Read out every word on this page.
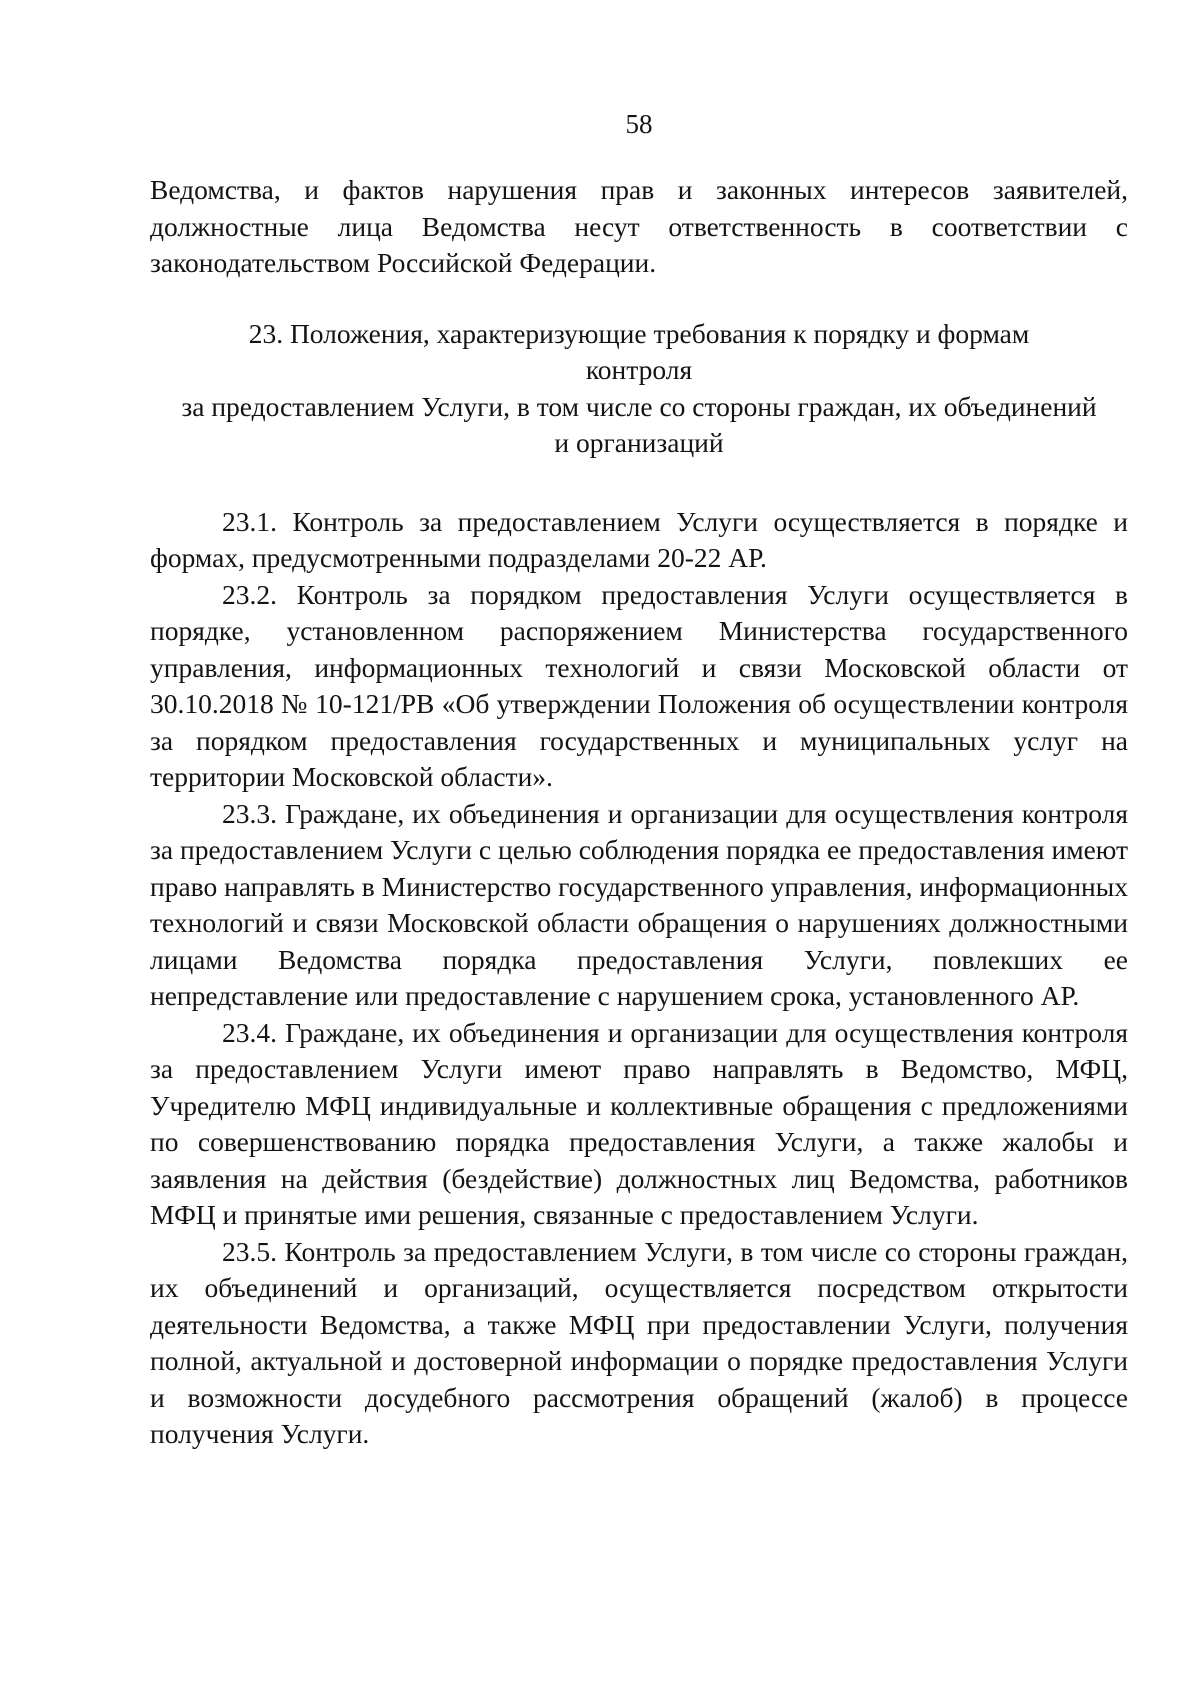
58

Ведомства, и фактов нарушения прав и законных интересов заявителей, должностные лица Ведомства несут ответственность в соответствии с законодательством Российской Федерации.

23. Положения, характеризующие требования к порядку и формам
контроля
за предоставлением Услуги, в том числе со стороны граждан, их объединений
и организаций

23.1. Контроль за предоставлением Услуги осуществляется в порядке и формах, предусмотренными подразделами 20-22 АР.

23.2. Контроль за порядком предоставления Услуги осуществляется в порядке, установленном распоряжением Министерства государственного управления, информационных технологий и связи Московской области от 30.10.2018 № 10-121/РВ «Об утверждении Положения об осуществлении контроля за порядком предоставления государственных и муниципальных услуг на территории Московской области».

23.3. Граждане, их объединения и организации для осуществления контроля за предоставлением Услуги с целью соблюдения порядка ее предоставления имеют право направлять в Министерство государственного управления, информационных технологий и связи Московской области обращения о нарушениях должностными лицами Ведомства порядка предоставления Услуги, повлекших ее непредставление или предоставление с нарушением срока, установленного АР.

23.4. Граждане, их объединения и организации для осуществления контроля за предоставлением Услуги имеют право направлять в Ведомство, МФЦ, Учредителю МФЦ индивидуальные и коллективные обращения с предложениями по совершенствованию порядка предоставления Услуги, а также жалобы и заявления на действия (бездействие) должностных лиц Ведомства, работников МФЦ и принятые ими решения, связанные с предоставлением Услуги.

23.5. Контроль за предоставлением Услуги, в том числе со стороны граждан, их объединений и организаций, осуществляется посредством открытости деятельности Ведомства, а также МФЦ при предоставлении Услуги, получения полной, актуальной и достоверной информации о порядке предоставления Услуги и возможности досудебного рассмотрения обращений (жалоб) в процессе получения Услуги.
